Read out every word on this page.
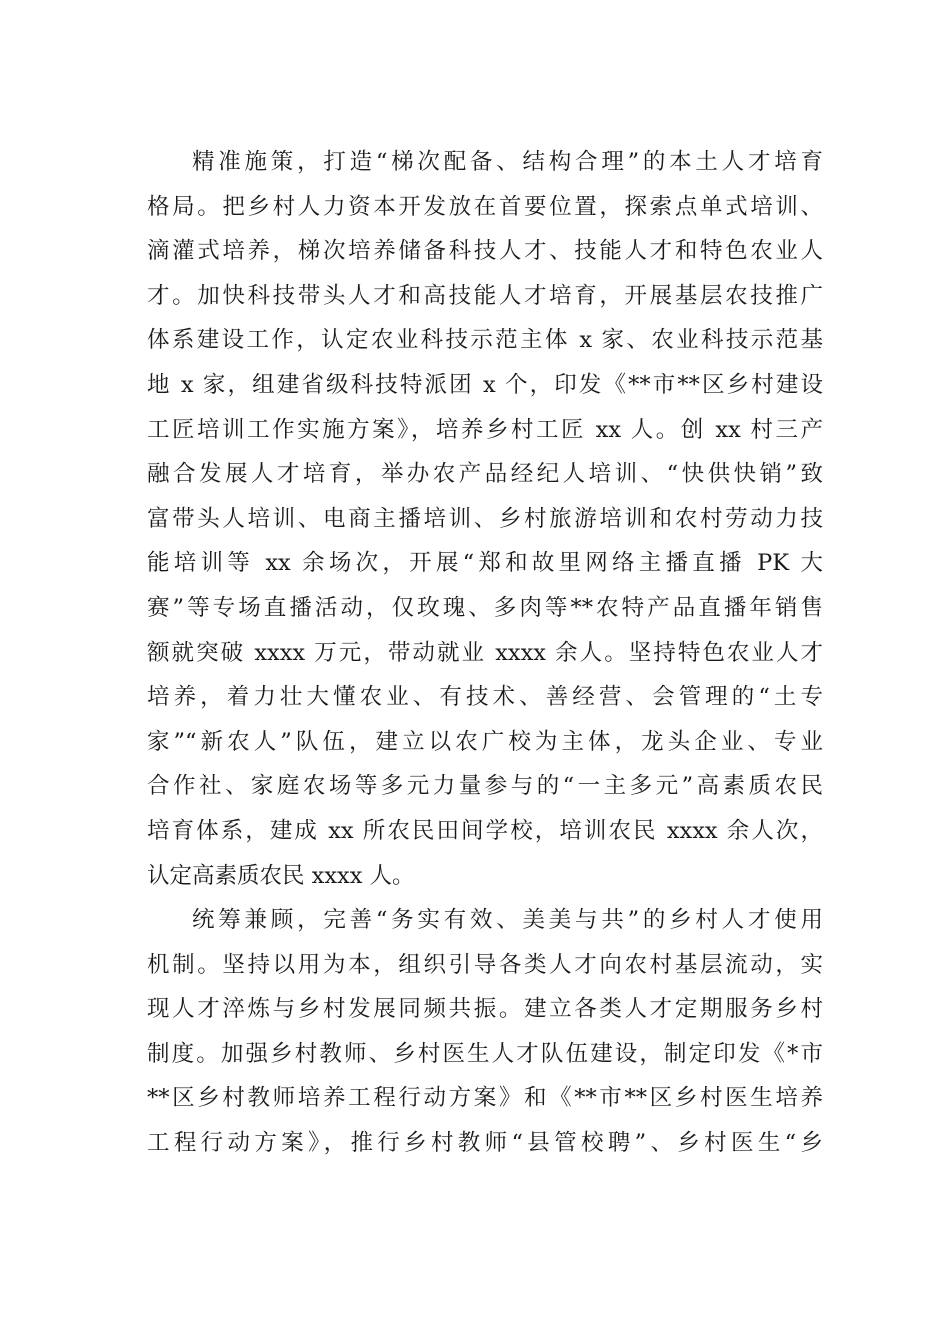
精准施策，打造“梯次配备、结构合理”的本土人才培育
格局。把乡村人力资本开发放在首要位置，探索点单式培训、
滴灌式培养，梯次培养储备科技人才、技能人才和特色农业人
才。加快科技带头人才和高技能人才培育，开展基层农技推广
体系建设工作，认定农业科技示范主体 x 家、农业科技示范基
地 x 家，组建省级科技特派团 x 个，印发《**市**区乡村建设
工匠培训工作实施方案》，培养乡村工匠 xx 人。创 xx 村三产
融合发展人才培育，举办农产品经纪人培训、“快供快销”致
富带头人培训、电商主播培训、乡村旅游培训和农村劳动力技
能培训等 xx 余场次，开展“郑和故里网络主播直播 PK 大
赛”等专场直播活动，仅玫瑰、多肉等**农特产品直播年销售
额就突破 xxxx 万元，带动就业 xxxx 余人。坚持特色农业人才
培养，着力壮大懂农业、有技术、善经营、会管理的“土专
家”“新农人”队伍，建立以农广校为主体，龙头企业、专业
合作社、家庭农场等多元力量参与的“一主多元”高素质农民
培育体系，建成 xx 所农民田间学校，培训农民 xxxx 余人次，
认定高素质农民 xxxx 人。
统筹兼顾，完善“务实有效、美美与共”的乡村人才使用
机制。坚持以用为本，组织引导各类人才向农村基层流动，实
现人才淬炼与乡村发展同频共振。建立各类人才定期服务乡村
制度。加强乡村教师、乡村医生人才队伍建设，制定印发《*市
**区乡村教师培养工程行动方案》和《**市**区乡村医生培养
工程行动方案》，推行乡村教师“县管校聘”、乡村医生“乡
